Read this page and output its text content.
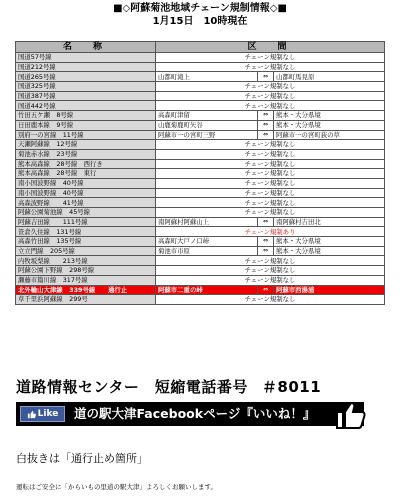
■◇阿蘇菊池地域チェーン規制情報◇■
1月15日　10時現在
名　称	区　間		
国道57号線	チェーン規制なし		
国道212号線	チェーン規制なし		
国道265号線	山都町滝上	⇔	山都町馬見原
国道325号線	チェーン規制なし		
国道387号線	チェーン規制なし		
国道442号線	チェーン規制なし		
竹田五ケ瀬　8号線	高森町津留	⇔	熊本・大分県境
日田鹿本線　9号線	山鹿菊鹿町矢谷	⇔	熊本・大分県境
別府一の宮線　11号線	阿蘇市一の宮町三野	⇔	阿蘇市一の宮町荻の草
天瀬阿蘇線　12号線	チェーン規制なし		
菊池赤水線　23号線	チェーン規制なし		
熊本高森線　28号線　西行き	チェーン規制なし		
熊本高森線　28号線　東行	チェーン規制なし		
南小国波野線　40号線	チェーン規制なし		
南小国波野線　40号線	チェーン規制なし		
高森波野線　　41号線	チェーン規制なし		
阿蘇公園菊池線　45号線	チェーン規制なし		
阿蘇吉田線　　111号線	南阿蘇村阿蘇山上	⇔	南阿蘇村吉田北
笹倉久住線　131号線	チェーン規制あり		
高森竹田線　135号線	高森町大戸ノ口峠	⇔	熊本・大分県境
立立門線　205号線	菊池市市原	⇔	熊本・大分県境
内牧坂梨線　　213号線	チェーン規制なし		
阿蘇公園下野線　298号線	チェーン規制なし		
瀬藤市篇川線　317号線	チェーン規制なし		
北外輪山大津線　339号線　　通行止	阿蘇市二重の峠	⇔	阿蘇市西湯浦
草千里浜阿蘇線　299号	チェーン規制なし		
道路情報センター　短縮電話番号 ＃8011
Like 道の駅大津Facebookページ『いいね！』
白抜きは「通行止め箇所」
運転はご安全に「からいもの里道の駅大津」よろしくお願いします。
